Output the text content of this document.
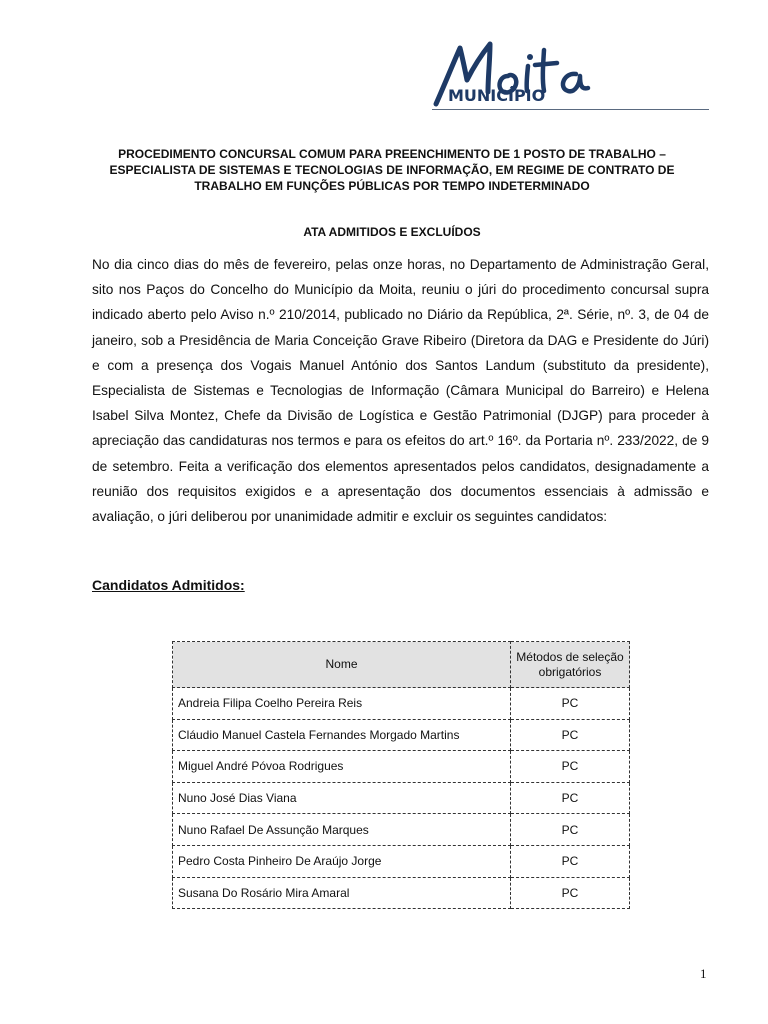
MUNICÍPIO
PROCEDIMENTO CONCURSAL COMUM PARA PREENCHIMENTO DE 1 POSTO DE TRABALHO –
ESPECIALISTA DE SISTEMAS E TECNOLOGIAS DE INFORMAÇÃO, EM REGIME DE CONTRATO DE
TRABALHO EM FUNÇÕES PÚBLICAS POR TEMPO INDETERMINADO
ATA ADMITIDOS E EXCLUÍDOS
No dia cinco dias do mês de fevereiro, pelas onze horas, no Departamento de Administração Geral, sito nos Paços do Concelho do Município da Moita, reuniu o júri do procedimento concursal supra indicado aberto pelo Aviso n.º 210/2014, publicado no Diário da República, 2ª. Série, nº. 3, de 04 de janeiro, sob a Presidência de Maria Conceição Grave Ribeiro (Diretora da DAG e Presidente do Júri) e com a presença dos Vogais Manuel António dos Santos Landum (substituto da presidente), Especialista de Sistemas e Tecnologias de Informação (Câmara Municipal do Barreiro) e Helena Isabel Silva Montez, Chefe da Divisão de Logística e Gestão Patrimonial (DJGP) para proceder à apreciação das candidaturas nos termos e para os efeitos do art.º 16º. da Portaria nº. 233/2022, de 9 de setembro. Feita a verificação dos elementos apresentados pelos candidatos, designadamente a reunião dos requisitos exigidos e a apresentação dos documentos essenciais à admissão e avaliação, o júri deliberou por unanimidade admitir e excluir os seguintes candidatos:
Candidatos Admitidos:
Nome	Métodos de seleção obrigatórios
Andreia Filipa Coelho Pereira Reis	PC
Cláudio Manuel Castela Fernandes Morgado Martins	PC
Miguel André Póvoa Rodrigues	PC
Nuno José Dias Viana	PC
Nuno Rafael De Assunção Marques	PC
Pedro Costa Pinheiro De Araújo Jorge	PC
Susana Do Rosário Mira Amaral	PC
1
